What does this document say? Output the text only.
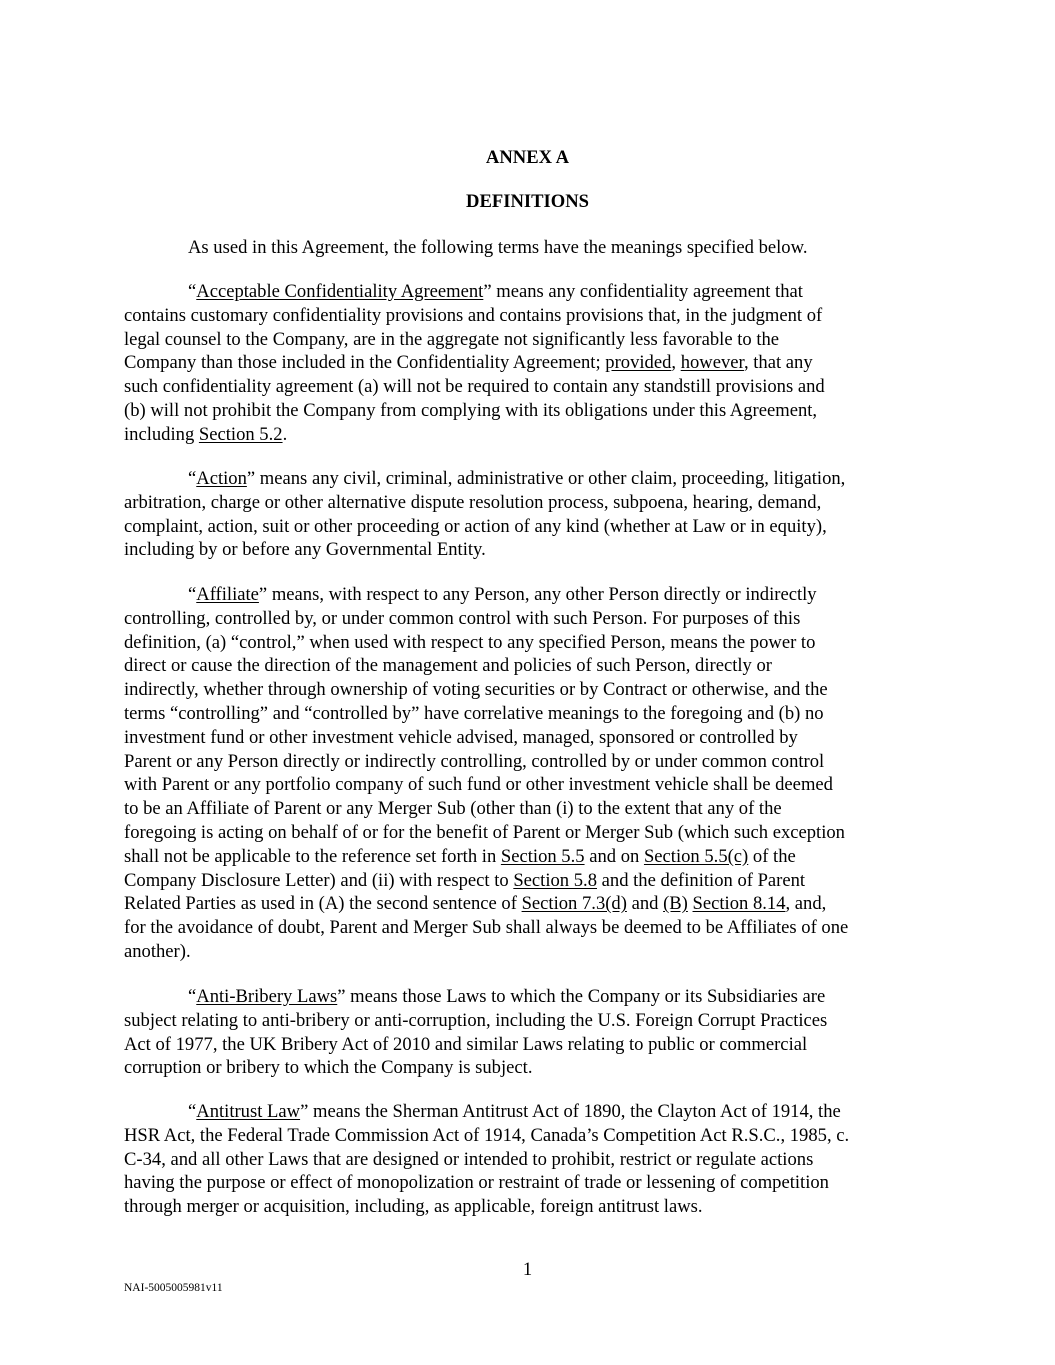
ANNEX A
DEFINITIONS

As used in this Agreement, the following terms have the meanings specified below.

“Acceptable Confidentiality Agreement” means any confidentiality agreement that
contains customary confidentiality provisions and contains provisions that, in the judgment of
legal counsel to the Company, are in the aggregate not significantly less favorable to the
Company than those included in the Confidentiality Agreement; provided, however, that any
such confidentiality agreement (a) will not be required to contain any standstill provisions and
(b) will not prohibit the Company from complying with its obligations under this Agreement,
including Section 5.2.
“Action” means any civil, criminal, administrative or other claim, proceeding, litigation,
arbitration, charge or other alternative dispute resolution process, subpoena, hearing, demand,
complaint, action, suit or other proceeding or action of any kind (whether at Law or in equity),
including by or before any Governmental Entity.
“Affiliate” means, with respect to any Person, any other Person directly or indirectly
controlling, controlled by, or under common control with such Person. For purposes of this
definition, (a) “control,” when used with respect to any specified Person, means the power to
direct or cause the direction of the management and policies of such Person, directly or
indirectly, whether through ownership of voting securities or by Contract or otherwise, and the
terms “controlling” and “controlled by” have correlative meanings to the foregoing and (b) no
investment fund or other investment vehicle advised, managed, sponsored or controlled by
Parent or any Person directly or indirectly controlling, controlled by or under common control
with Parent or any portfolio company of such fund or other investment vehicle shall be deemed
to be an Affiliate of Parent or any Merger Sub (other than (i) to the extent that any of the
foregoing is acting on behalf of or for the benefit of Parent or Merger Sub (which such exception
shall not be applicable to the reference set forth in Section 5.5 and on Section 5.5(c) of the
Company Disclosure Letter) and (ii) with respect to Section 5.8 and the definition of Parent
Related Parties as used in (A) the second sentence of Section 7.3(d) and (B) Section 8.14, and,
for the avoidance of doubt, Parent and Merger Sub shall always be deemed to be Affiliates of one
another).
“Anti-Bribery Laws” means those Laws to which the Company or its Subsidiaries are
subject relating to anti-bribery or anti-corruption, including the U.S. Foreign Corrupt Practices
Act of 1977, the UK Bribery Act of 2010 and similar Laws relating to public or commercial
corruption or bribery to which the Company is subject.
“Antitrust Law” means the Sherman Antitrust Act of 1890, the Clayton Act of 1914, the
HSR Act, the Federal Trade Commission Act of 1914, Canada’s Competition Act R.S.C., 1985, c.
C-34, and all other Laws that are designed or intended to prohibit, restrict or regulate actions
having the purpose or effect of monopolization or restraint of trade or lessening of competition
through merger or acquisition, including, as applicable, foreign antitrust laws.

1

NAI-5005005981v11
